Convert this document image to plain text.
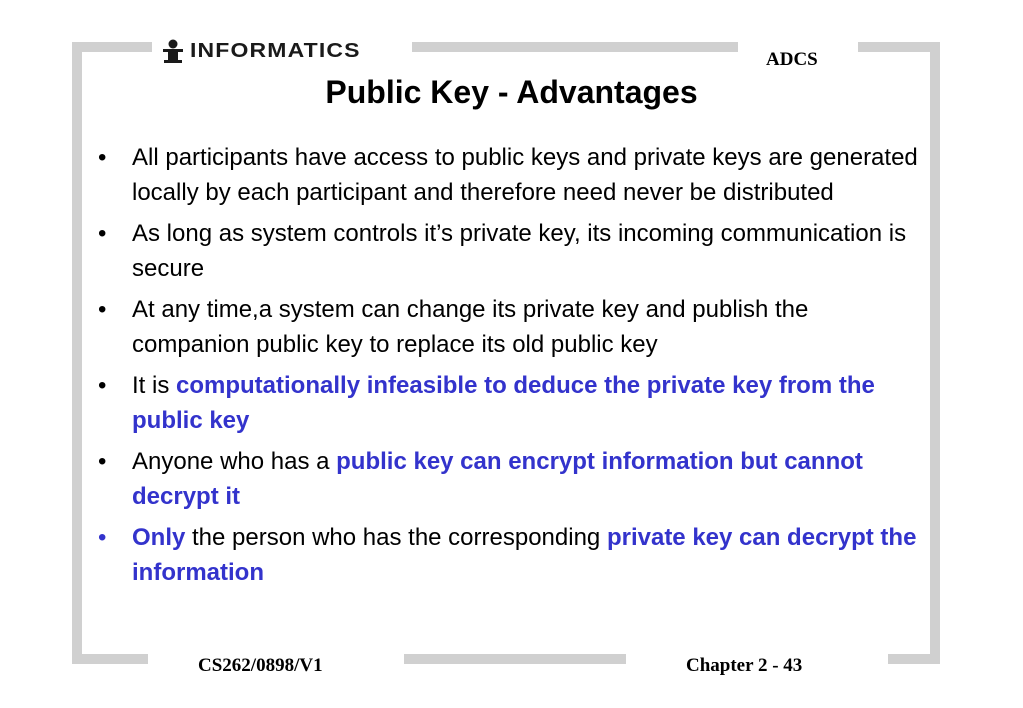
INFORMATICS	ADCS
Public Key - Advantages
• All participants have access to public keys and private keys are generated locally by each participant and therefore need never be distributed
• As long as system controls it’s private key, its incoming communication is secure
• At any time,a system can change its private key and publish the companion public key to replace its old public key
• It is computationally infeasible to deduce the private key from the public key
• Anyone who has a public key can encrypt information but cannot decrypt it
• Only the person who has the corresponding private key can decrypt the information
CS262/0898/V1	Chapter 2 - 43
